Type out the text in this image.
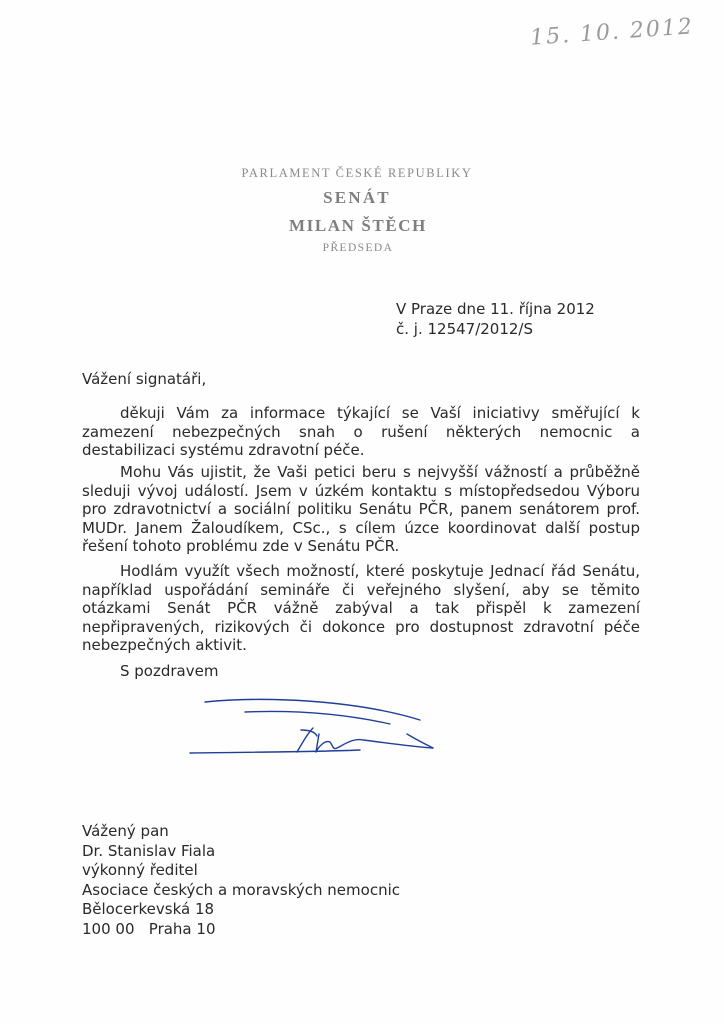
15. 10. 2012
PARLAMENT ČESKÉ REPUBLIKY
SENÁT
MILAN ŠTĚCH
PŘEDSEDA
V Praze dne 11. října 2012
č. j. 12547/2012/S
Vážení signatáři,
děkuji Vám za informace týkající se Vaší iniciativy směřující k zamezení nebezpečných snah o rušení některých nemocnic a destabilizaci systému zdravotní péče.
Mohu Vás ujistit, že Vaši petici beru s nejvyšší vážností a průběžně sleduji vývoj událostí. Jsem v úzkém kontaktu s místopředsedou Výboru pro zdravotnictví a sociální politiku Senátu PČR, panem senátorem prof. MUDr. Janem Žaloudíkem, CSc., s cílem úzce koordinovat další postup řešení tohoto problému zde v Senátu PČR.
Hodlám využít všech možností, které poskytuje Jednací řád Senátu, například uspořádání semináře či veřejného slyšení, aby se těmito otázkami Senát PČR vážně zabýval a tak přispěl k zamezení nepřipravených, rizikových či dokonce pro dostupnost zdravotní péče nebezpečných aktivit.
S pozdravem
Vážený pan
Dr. Stanislav Fiala
výkonný ředitel
Asociace českých a moravských nemocnic
Bělocerkevská 18
100 00   Praha 10
